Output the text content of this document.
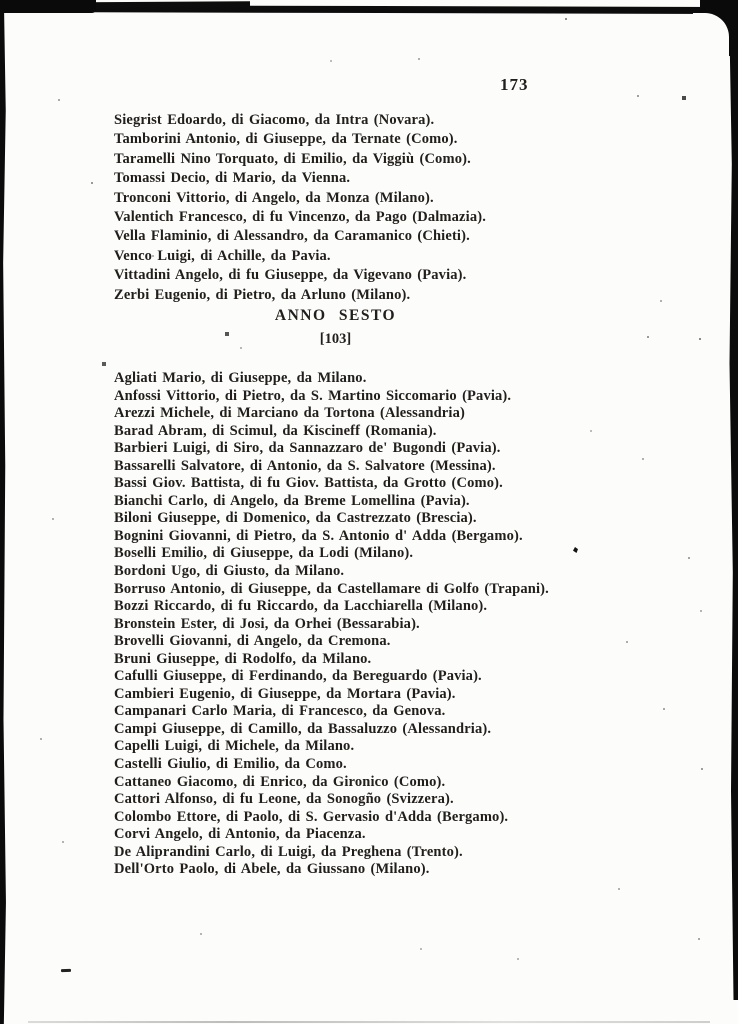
173
Siegrist Edoardo, di Giacomo, da Intra (Novara).
Tamborini Antonio, di Giuseppe, da Ternate (Como).
Taramelli Nino Torquato, di Emilio, da Viggiù (Como).
Tomassi Decio, di Mario, da Vienna.
Tronconi Vittorio, di Angelo, da Monza (Milano).
Valentich Francesco, di fu Vincenzo, da Pago (Dalmazia).
Vella Flaminio, di Alessandro, da Caramanico (Chieti).
Venco Luigi, di Achille, da Pavia.
Vittadini Angelo, di fu Giuseppe, da Vigevano (Pavia).
Zerbi Eugenio, di Pietro, da Arluno (Milano).
ANNO SESTO
[103]
Agliati Mario, di Giuseppe, da Milano.
Anfossi Vittorio, di Pietro, da S. Martino Siccomario (Pavia).
Arezzi Michele, di Marciano da Tortona (Alessandria)
Barad Abram, di Scimul, da Kiscineff (Romania).
Barbieri Luigi, di Siro, da Sannazzaro de' Bugondi (Pavia).
Bassarelli Salvatore, di Antonio, da S. Salvatore (Messina).
Bassi Giov. Battista, di fu Giov. Battista, da Grotto (Como).
Bianchi Carlo, di Angelo, da Breme Lomellina (Pavia).
Biloni Giuseppe, di Domenico, da Castrezzato (Brescia).
Bognini Giovanni, di Pietro, da S. Antonio d' Adda (Bergamo).
Boselli Emilio, di Giuseppe, da Lodi (Milano).
Bordoni Ugo, di Giusto, da Milano.
Borruso Antonio, di Giuseppe, da Castellamare di Golfo (Trapani).
Bozzi Riccardo, di fu Riccardo, da Lacchiarella (Milano).
Bronstein Ester, di Josi, da Orhei (Bessarabia).
Brovelli Giovanni, di Angelo, da Cremona.
Bruni Giuseppe, di Rodolfo, da Milano.
Cafulli Giuseppe, di Ferdinando, da Bereguardo (Pavia).
Cambieri Eugenio, di Giuseppe, da Mortara (Pavia).
Campanari Carlo Maria, di Francesco, da Genova.
Campi Giuseppe, di Camillo, da Bassaluzzo (Alessandria).
Capelli Luigi, di Michele, da Milano.
Castelli Giulio, di Emilio, da Como.
Cattaneo Giacomo, di Enrico, da Gironico (Como).
Cattori Alfonso, di fu Leone, da Sonogño (Svizzera).
Colombo Ettore, di Paolo, di S. Gervasio d'Adda (Bergamo).
Corvi Angelo, di Antonio, da Piacenza.
De Aliprandini Carlo, di Luigi, da Preghena (Trento).
Dell'Orto Paolo, di Abele, da Giussano (Milano).
